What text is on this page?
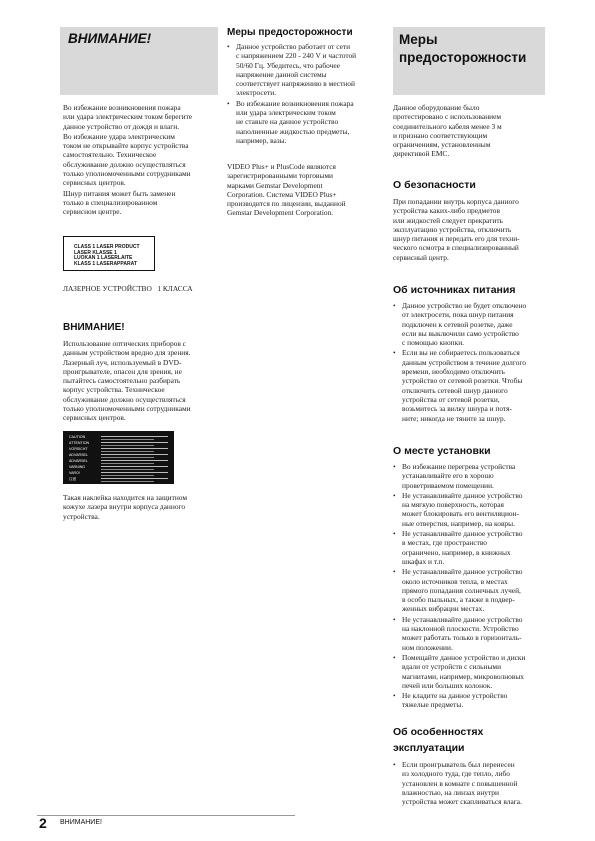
ВНИМАНИЕ!

Во избежание возникновения пожара
или удара электрическим током берегите
данное устройство от дождя и влаги.

Во избежание удара электрическим
током не открывайте корпус устройства
самостоятельно. Техническое
обслуживание должно осуществляться
только уполномоченными сотрудниками
сервисных центров.

Шнур питания может быть заменен
только в специализированном
сервисном центре.

CLASS 1 LASER PRODUCT
LASER KLASSE 1
LUOKAN 1 LASERLAITE
KLASS 1 LASERAPPARAT
ЛАЗЕРНОЕ УСТРОЙСТВО   1 КЛАССА
ВНИМАНИЕ!

Использование оптических приборов с
данным устройством вредно для зрения.
Лазерный луч, используемый в DVD-
проигрывателе, опасен для зрения, не
пытайтесь самостоятельно разбирать
корпус устройства. Техническое
обслуживание должно осуществляться
только уполномоченными сотрудниками
сервисных центров.

CAUTION
ATTENTION
VORSICHT
ADVARSEL
ADVARSEL
VARNING
VARO!
注意

Такая наклейка находится на защитном
кожухе лазера внутри корпуса данного
устройства.

Меры предосторожности
• Данное устройство работает от сети
с напряжением 220 - 240 V и частотой
50/60 Гц. Убедитесь, что рабочее
напряжение данной системы
соответствует напряжению в местной
электросети.
• Во избежание возникновения пожара
или удара электрическим током
не ставьте на данное устройство
наполненные жидкостью предметы,
например, вазы.

VIDEO Plus+ и PlusCode являются
зарегистрированными торговыми
марками Gemstar Development
Corporation. Система VIDEO Plus+
производится по лицензии, выданной
Gemstar Development Corporation.

Меры
предосторожности

Данное оборудование было
протестировано с использованием
соединительного кабеля менее 3 м
и признано соответствующим
ограничениям, установленным
директивой EMC.

О безопасности

При попадании внутрь корпуса данного
устройства каких-либо предметов
или жидкостей следует прекратить
эксплуатацию устройства, отключить
шнур питания и передать его для техни-
ческого осмотра в специализированный
сервисный центр.

Об источниках питания
• Данное устройство не будет отключено
от электросети, пока шнур питания
подключен к сетевой розетке, даже
если вы выключили само устройство
с помощью кнопки.
• Если вы не собираетесь пользоваться
данным устройством в течение долгого
времени, необходимо отключить
устройство от сетевой розетки. Чтобы
отключить сетевой шнур данного
устройства от сетевой розетки,
возьмитесь за вилку шнура и потя-
ните; никогда не тяните за шнур.
О месте установки
• Во избежание перегрева устройства
устанавливайте его в хорошо
проветриваемом помещении.
• Не устанавливайте данное устройство
на мягкую поверхность, которая
может блокировать его вентиляцион-
ные отверстия, например, на ковры.
• Не устанавливайте данное устройство
в местах, где пространство
ограничено, например, в книжных
шкафах и т.п.
• Не устанавливайте данное устройство
около источников тепла, в местах
прямого попадания солнечных лучей,
в особо пыльных, а также в подвер-
женных вибрации местах.
• Не устанавливайте данное устройство
на наклонной плоскости. Устройство
может работать только в горизонталь-
ном положении.
• Помещайте данное устройство и диски
вдали от устройств с сильными
магнитами, например, микроволновых
печей или больших колонок.
• Не кладите на данное устройство
тяжелые предметы.
Об особенностях
эксплуатации
• Если проигрыватель был перенесен
из холодного туда, где тепло, либо
установлен в комнате с повышенной
влажностью, на линзах внутри
устройства может скапливаться влага.
2 ВНИМАНИЕ!
